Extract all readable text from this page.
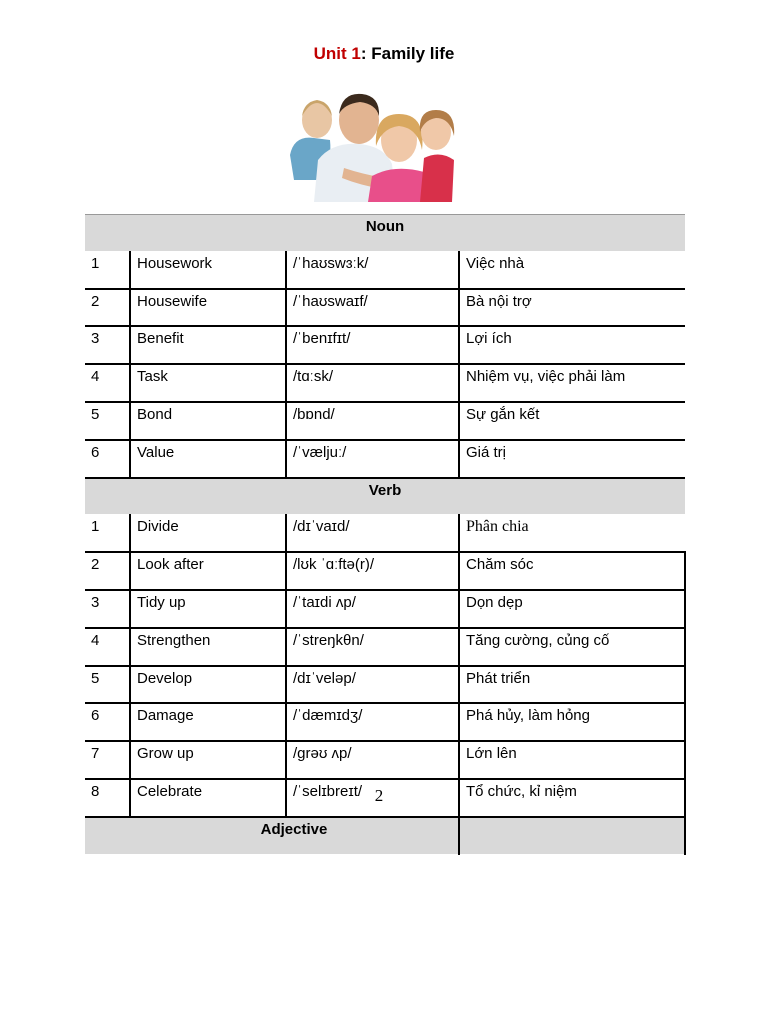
Unit 1: Family life
Noun			
1	Housework	/ˈhaʊswɜːk/	Việc nhà
2	Housewife	/ˈhaʊswaɪf/	Bà nội trợ
3	Benefit	/ˈbenɪfɪt/	Lợi ích
4	Task	/tɑːsk/	Nhiệm vụ, việc phải làm
5	Bond	/bɒnd/	Sự gắn kết
6	Value	/ˈvæljuː/	Giá trị
Verb			
1	Divide	/dɪˈvaɪd/	Phân chia
2	Look after	/lʊk ˈɑːftə(r)/	Chăm sóc
3	Tidy up	/ˈtaɪdi ʌp/	Dọn dẹp
4	Strengthen	/ˈstreŋkθn/	Tăng cường, củng cố
5	Develop	/dɪˈveləp/	Phát triển
6	Damage	/ˈdæmɪdʒ/	Phá hủy, làm hỏng
7	Grow up	/ɡrəʊ ʌp/	Lớn lên
8	Celebrate	/ˈselɪbreɪt/	Tổ chức, kỉ niệm
	Adjective		
2
